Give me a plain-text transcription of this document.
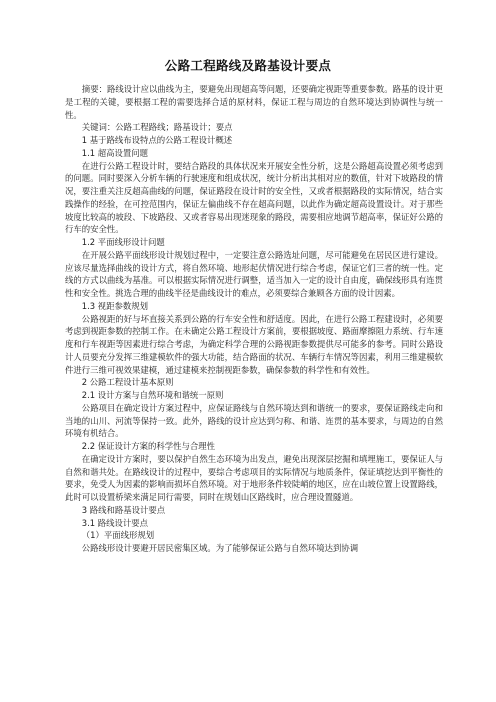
公路工程路线及路基设计要点

摘要：路线设计应以曲线为主，要避免出现超高等问题，还要确定视距等重要参数。路基的设计更是工程的关键，要根据工程的需要选择合适的原材料，保证工程与周边的自然环境达到协调性与统一性。

关键词：公路工程路线；路基设计；要点

1 基于路线布设特点的公路工程设计概述

1.1 超高设置问题

在进行公路工程设计时，要结合路段的具体状况来开展安全性分析，这是公路超高设置必须考虑到的问题。同时要深入分析车辆的行驶速度和组成状况，统计分析出其相对应的数值，针对下坡路段的情况，要注重关注反超高曲线的问题，保证路段在设计时的安全性，又或者根据路段的实际情况，结合实践操作的经验，在可控范围内，保证左偏曲线不存在超高问题，以此作为确定超高设置设计。对于那些坡度比较高的坡段、下坡路段、又或者容易出现迷现象的路段，需要相应地调节超高率，保证好公路的行车的安全性。

1.2 平面线形设计问题

在开展公路平面线形设计规划过程中，一定要注意公路选址问题，尽可能避免在居民区进行建设。应该尽量选择曲线的设计方式，将自然环境、地形起伏情况进行综合考虑，保证它们三者的统一性。定线的方式以曲线为基准。可以根据实际情况进行调整，适当加入一定的设计自由度，确保线形具有连贯性和安全性。挑选合理的曲线半径是曲线设计的难点，必须要综合兼顾各方面的设计因素。

1.3 视距参数规划

公路视距的好与坏直接关系到公路的行车安全性和舒适度。因此，在进行公路工程建设时，必须要考虑到视距参数的控制工作。在未确定公路工程设计方案前，要根据坡度、路面摩擦阻力系统、行车速度和行车视距等因素进行综合考虑，为确定科学合理的公路视距参数提供尽可能多的参考。同时公路设计人员要充分发挥三维建模软件的强大功能，结合路面的状况、车辆行车情况等因素，利用三维建模软件进行三维可视效果建模，通过建模来控制视距参数，确保参数的科学性和有效性。

2 公路工程设计基本原则

2.1 设计方案与自然环境和谐统一原则

公路项目在确定设计方案过程中，应保证路线与自然环境达到和谐统一的要求，要保证路线走向和当地的山川、河流等保持一致。此外，路线的设计应达到匀称、和谐、连贯的基本要求，与周边的自然环境有机结合。

2.2 保证设计方案的科学性与合理性

在确定设计方案时，要以保护自然生态环境为出发点，避免出现深层挖掘和填埋施工，要保证人与自然和谐共处。在路线设计的过程中，要综合考虑项目的实际情况与地质条件，保证填挖达到平衡性的要求，免受人为因素的影响而损坏自然环境。对于地形条件较陡峭的地区，应在山坡位置上设置路线，此时可以设置桥梁来满足同行需要，同时在规划山区路线时，应合理设置隧道。

3 路线和路基设计要点

3.1 路线设计要点

（1）平面线形规划

公路线形设计要避开居民密集区域。为了能够保证公路与自然环境达到协调
